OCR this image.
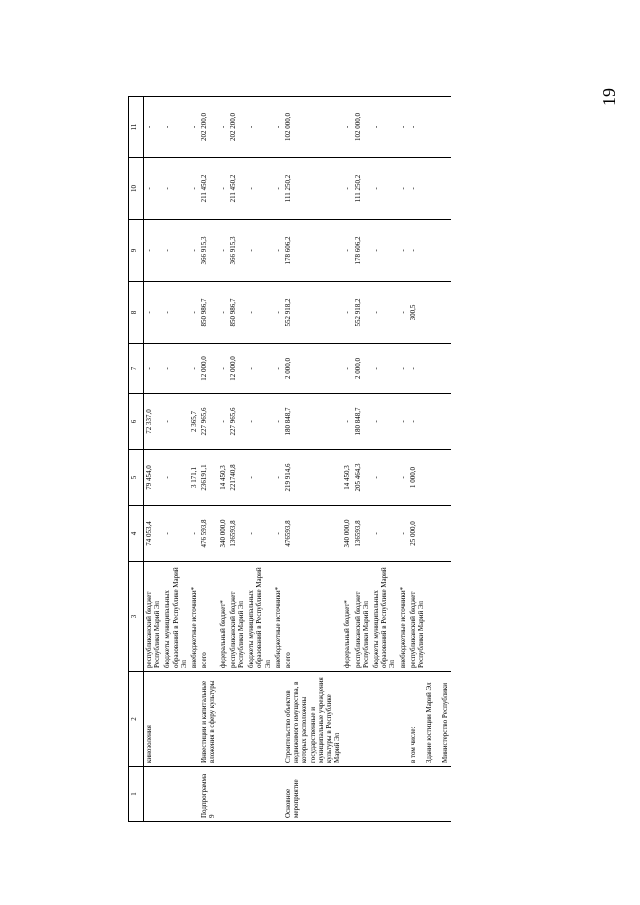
19
1	2	3	4	5	6	7	8	9	10	11
	кинозоления	республиканский бюджет Республики Марий Эл	74 053,4	79 454,0	72 337,0	-	-	-	-	-
		бюджеты муниципальных образований в Республике Марий Эл	-	-	-	-	-	-	-	-
		внебюджетные источники*	-	3 171,1	2 365,7	-	-	-	-	-
Подпрограмма 9	Инвестиции и капитальные вложения в сферу культуры	всего	476 593,8	236191,1	227 965,6	12 000,0	850 986,7	366 915,3	211 450,2	202 200,0
		федеральный бюджет*	340 000,0	14 450,3	-	-	-	-	-	-
		республиканский бюджет Республики Марий Эл	136593,8	221740,8	227 965,6	12 000,0	850 986,7	366 915,3	211 450,2	202 200,0
		бюджеты муниципальных образований в Республике Марий Эл	-	-	-	-	-	-	-	-
		внебюджетные источники*	-	-	-	-	-	-	-	-
Основное мероприятие	Строительство объектов недвижимого имущества, в которых расположены государственные и муниципальные учреждения культуры в Республике Марий Эл	всего	476593,8	219 914,6	180 848,7	2 000,0	552 918,2	178 606,2	111 250,2	102 000,0
		федеральный бюджет*	340 000,0	14 450,3	-	-	-	-	-	-
		республиканский бюджет Республики Марий Эл	136593,8	205 464,3	180 848,7	2 000,0	552 918,2	178 606,2	111 250,2	102 000,0
		бюджеты муниципальных образований в Республике Марий Эл	-	-	-	-	-	-	-	-
		внебюджетные источники*	-	-	-	-	-	-	-	-
	в том числе: Здание юстиции Марий Эл Министерство Республики	республиканский бюджет Республики Марий Эл	25 000,0	1 000,0	-	-	300,5	-	-	-
